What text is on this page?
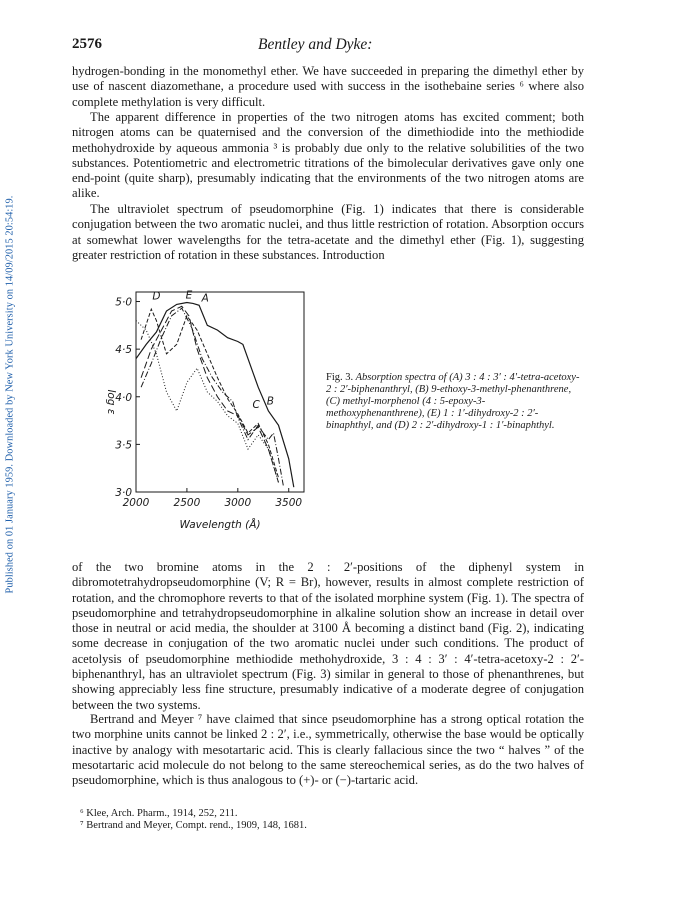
Published on 01 January 1959. Downloaded by New York University on 14/09/2015 20:54:19.
2576	Bentley and Dyke:

hydrogen-bonding in the monomethyl ether. We have succeeded in preparing the dimethyl ether by use of nascent diazomethane, a procedure used with success in the isothebaine series ⁶ where also complete methylation is very difficult.

The apparent difference in properties of the two nitrogen atoms has excited comment; both nitrogen atoms can be quaternised and the conversion of the dimethiodide into the methiodide methohydroxide by aqueous ammonia ³ is probably due only to the relative solubilities of the two substances. Potentiometric and electrometric titrations of the bimolecular derivatives gave only one end-point (quite sharp), presumably indicating that the environments of the two nitrogen atoms are alike.

The ultraviolet spectrum of pseudomorphine (Fig. 1) indicates that there is considerable conjugation between the two aromatic nuclei, and thus little restriction of rotation. Absorption occurs at somewhat lower wavelengths for the tetra-acetate and the dimethyl ether (Fig. 1), suggesting greater restriction of rotation in these substances. Introduction

5·0
4·5
4·0
3·5
3·0
2000 2500 3000 3500
D E A
C B
Wavelength (Å)
log ε

Fig. 3. Absorption spectra of (A) 3 : 4 : 3′ : 4′-tetra-acetoxy-2 : 2′-biphenanthryl, (B) 9-ethoxy-3-methyl-phenanthrene, (C) methyl-morphenol (4 : 5-epoxy-3-methoxyphenanthrene), (E) 1 : 1′-dihydroxy-2 : 2′-binaphthyl, and (D) 2 : 2′-dihydroxy-1 : 1′-binaphthyl.

of the two bromine atoms in the 2 : 2′-positions of the diphenyl system in dibromotetrahydropseudomorphine (V; R = Br), however, results in almost complete restriction of rotation, and the chromophore reverts to that of the isolated morphine system (Fig. 1). The spectra of pseudomorphine and tetrahydropseudomorphine in alkaline solution show an increase in detail over those in neutral or acid media, the shoulder at 3100 Å becoming a distinct band (Fig. 2), indicating some decrease in conjugation of the two aromatic nuclei under such conditions. The product of acetolysis of pseudomorphine methiodide methohydroxide, 3 : 4 : 3′ : 4′-tetra-acetoxy-2 : 2′-biphenanthryl, has an ultraviolet spectrum (Fig. 3) similar in general to those of phenanthrenes, but showing appreciably less fine structure, presumably indicative of a moderate degree of conjugation between the two systems.

Bertrand and Meyer ⁷ have claimed that since pseudomorphine has a strong optical rotation the two morphine units cannot be linked 2 : 2′, i.e., symmetrically, otherwise the base would be optically inactive by analogy with mesotartaric acid. This is clearly fallacious since the two “ halves ” of the mesotartaric acid molecule do not belong to the same stereochemical series, as do the two halves of pseudomorphine, which is thus analogous to (+)- or (−)-tartaric acid.

⁶ Klee, Arch. Pharm., 1914, 252, 211.

⁷ Bertrand and Meyer, Compt. rend., 1909, 148, 1681.
